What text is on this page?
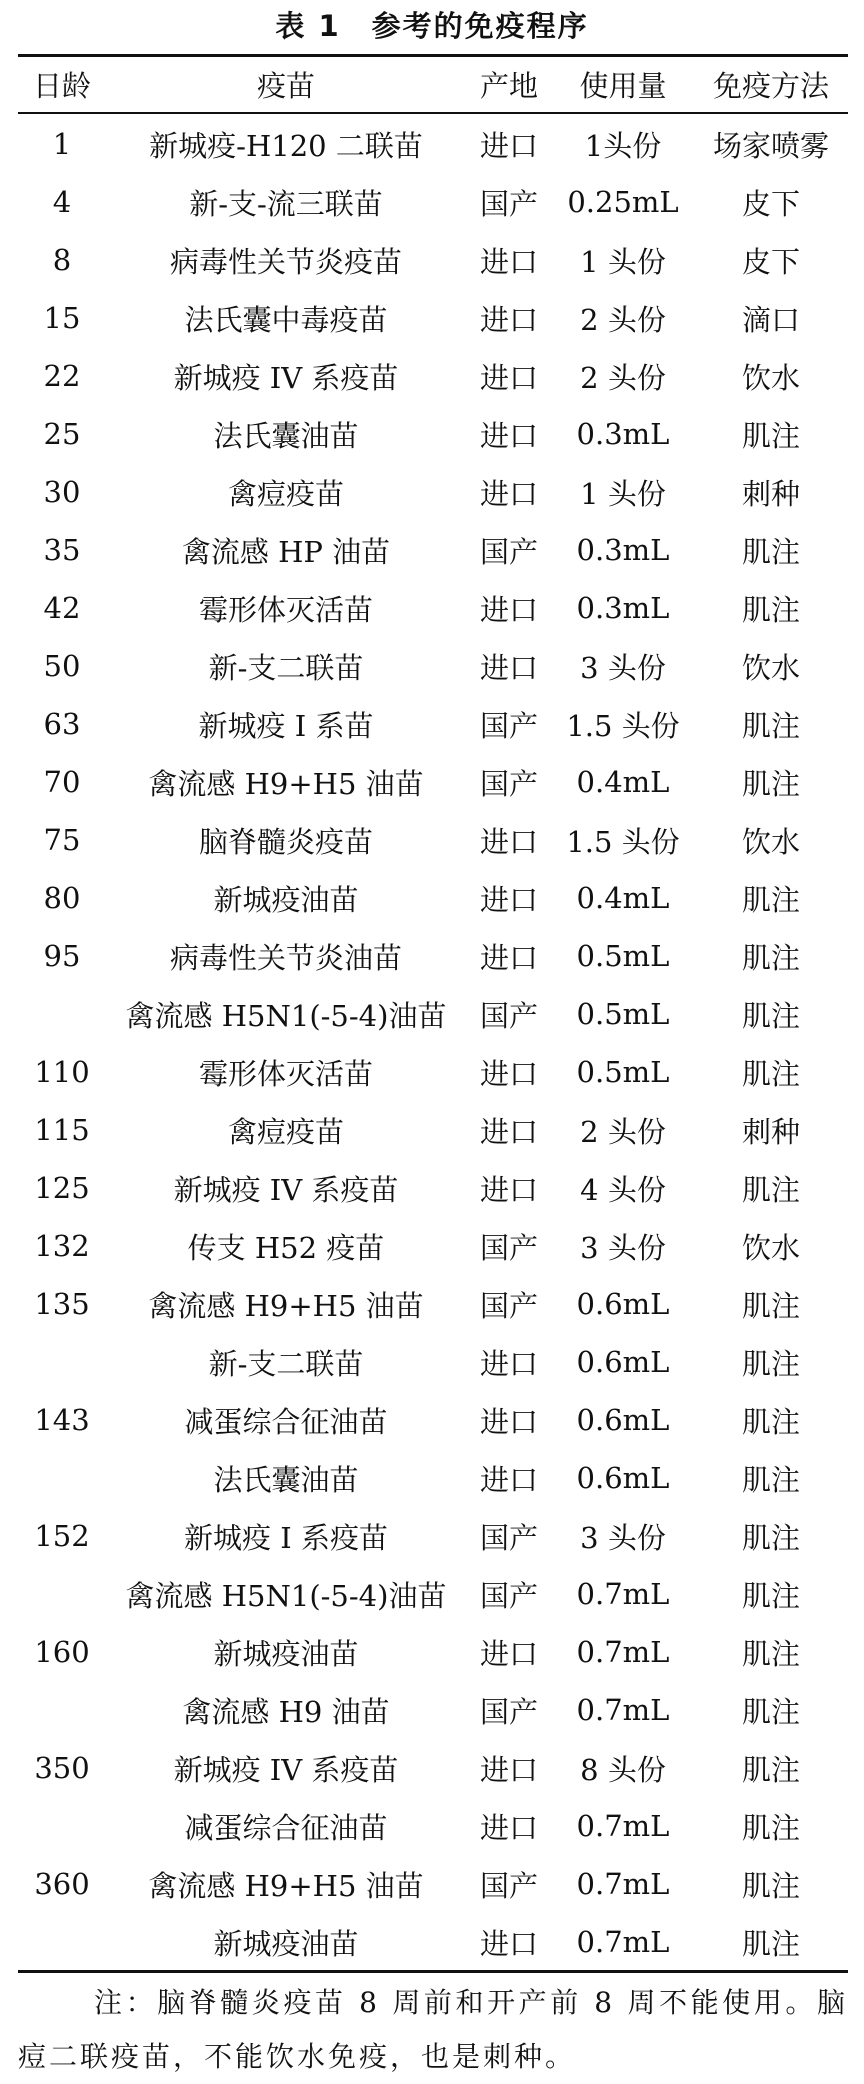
表 1　参考的免疫程序
日龄	疫苗	产地	使用量	免疫方法
1	新城疫-H120 二联苗	进口	1头份	场家喷雾
4	新-支-流三联苗	国产	0.25mL	皮下
8	病毒性关节炎疫苗	进口	1 头份	皮下
15	法氏囊中毒疫苗	进口	2 头份	滴口
22	新城疫 IV 系疫苗	进口	2 头份	饮水
25	法氏囊油苗	进口	0.3mL	肌注
30	禽痘疫苗	进口	1 头份	刺种
35	禽流感 HP 油苗	国产	0.3mL	肌注
42	霉形体灭活苗	进口	0.3mL	肌注
50	新-支二联苗	进口	3 头份	饮水
63	新城疫 I 系苗	国产	1.5 头份	肌注
70	禽流感 H9+H5 油苗	国产	0.4mL	肌注
75	脑脊髓炎疫苗	进口	1.5 头份	饮水
80	新城疫油苗	进口	0.4mL	肌注
95	病毒性关节炎油苗	进口	0.5mL	肌注
	禽流感 H5N1(-5-4)油苗	国产	0.5mL	肌注
110	霉形体灭活苗	进口	0.5mL	肌注
115	禽痘疫苗	进口	2 头份	刺种
125	新城疫 IV 系疫苗	进口	4 头份	肌注
132	传支 H52 疫苗	国产	3 头份	饮水
135	禽流感 H9+H5 油苗	国产	0.6mL	肌注
	新-支二联苗	进口	0.6mL	肌注
143	减蛋综合征油苗	进口	0.6mL	肌注
	法氏囊油苗	进口	0.6mL	肌注
152	新城疫 I 系疫苗	国产	3 头份	肌注
	禽流感 H5N1(-5-4)油苗	国产	0.7mL	肌注
160	新城疫油苗	进口	0.7mL	肌注
	禽流感 H9 油苗	国产	0.7mL	肌注
350	新城疫 IV 系疫苗	进口	8 头份	肌注
	减蛋综合征油苗	进口	0.7mL	肌注
360	禽流感 H9+H5 油苗	国产	0.7mL	肌注
	新城疫油苗	进口	0.7mL	肌注
注：脑脊髓炎疫苗 8 周前和开产前 8 周不能使用。脑痘二联疫苗，不能饮水免疫，也是刺种。
